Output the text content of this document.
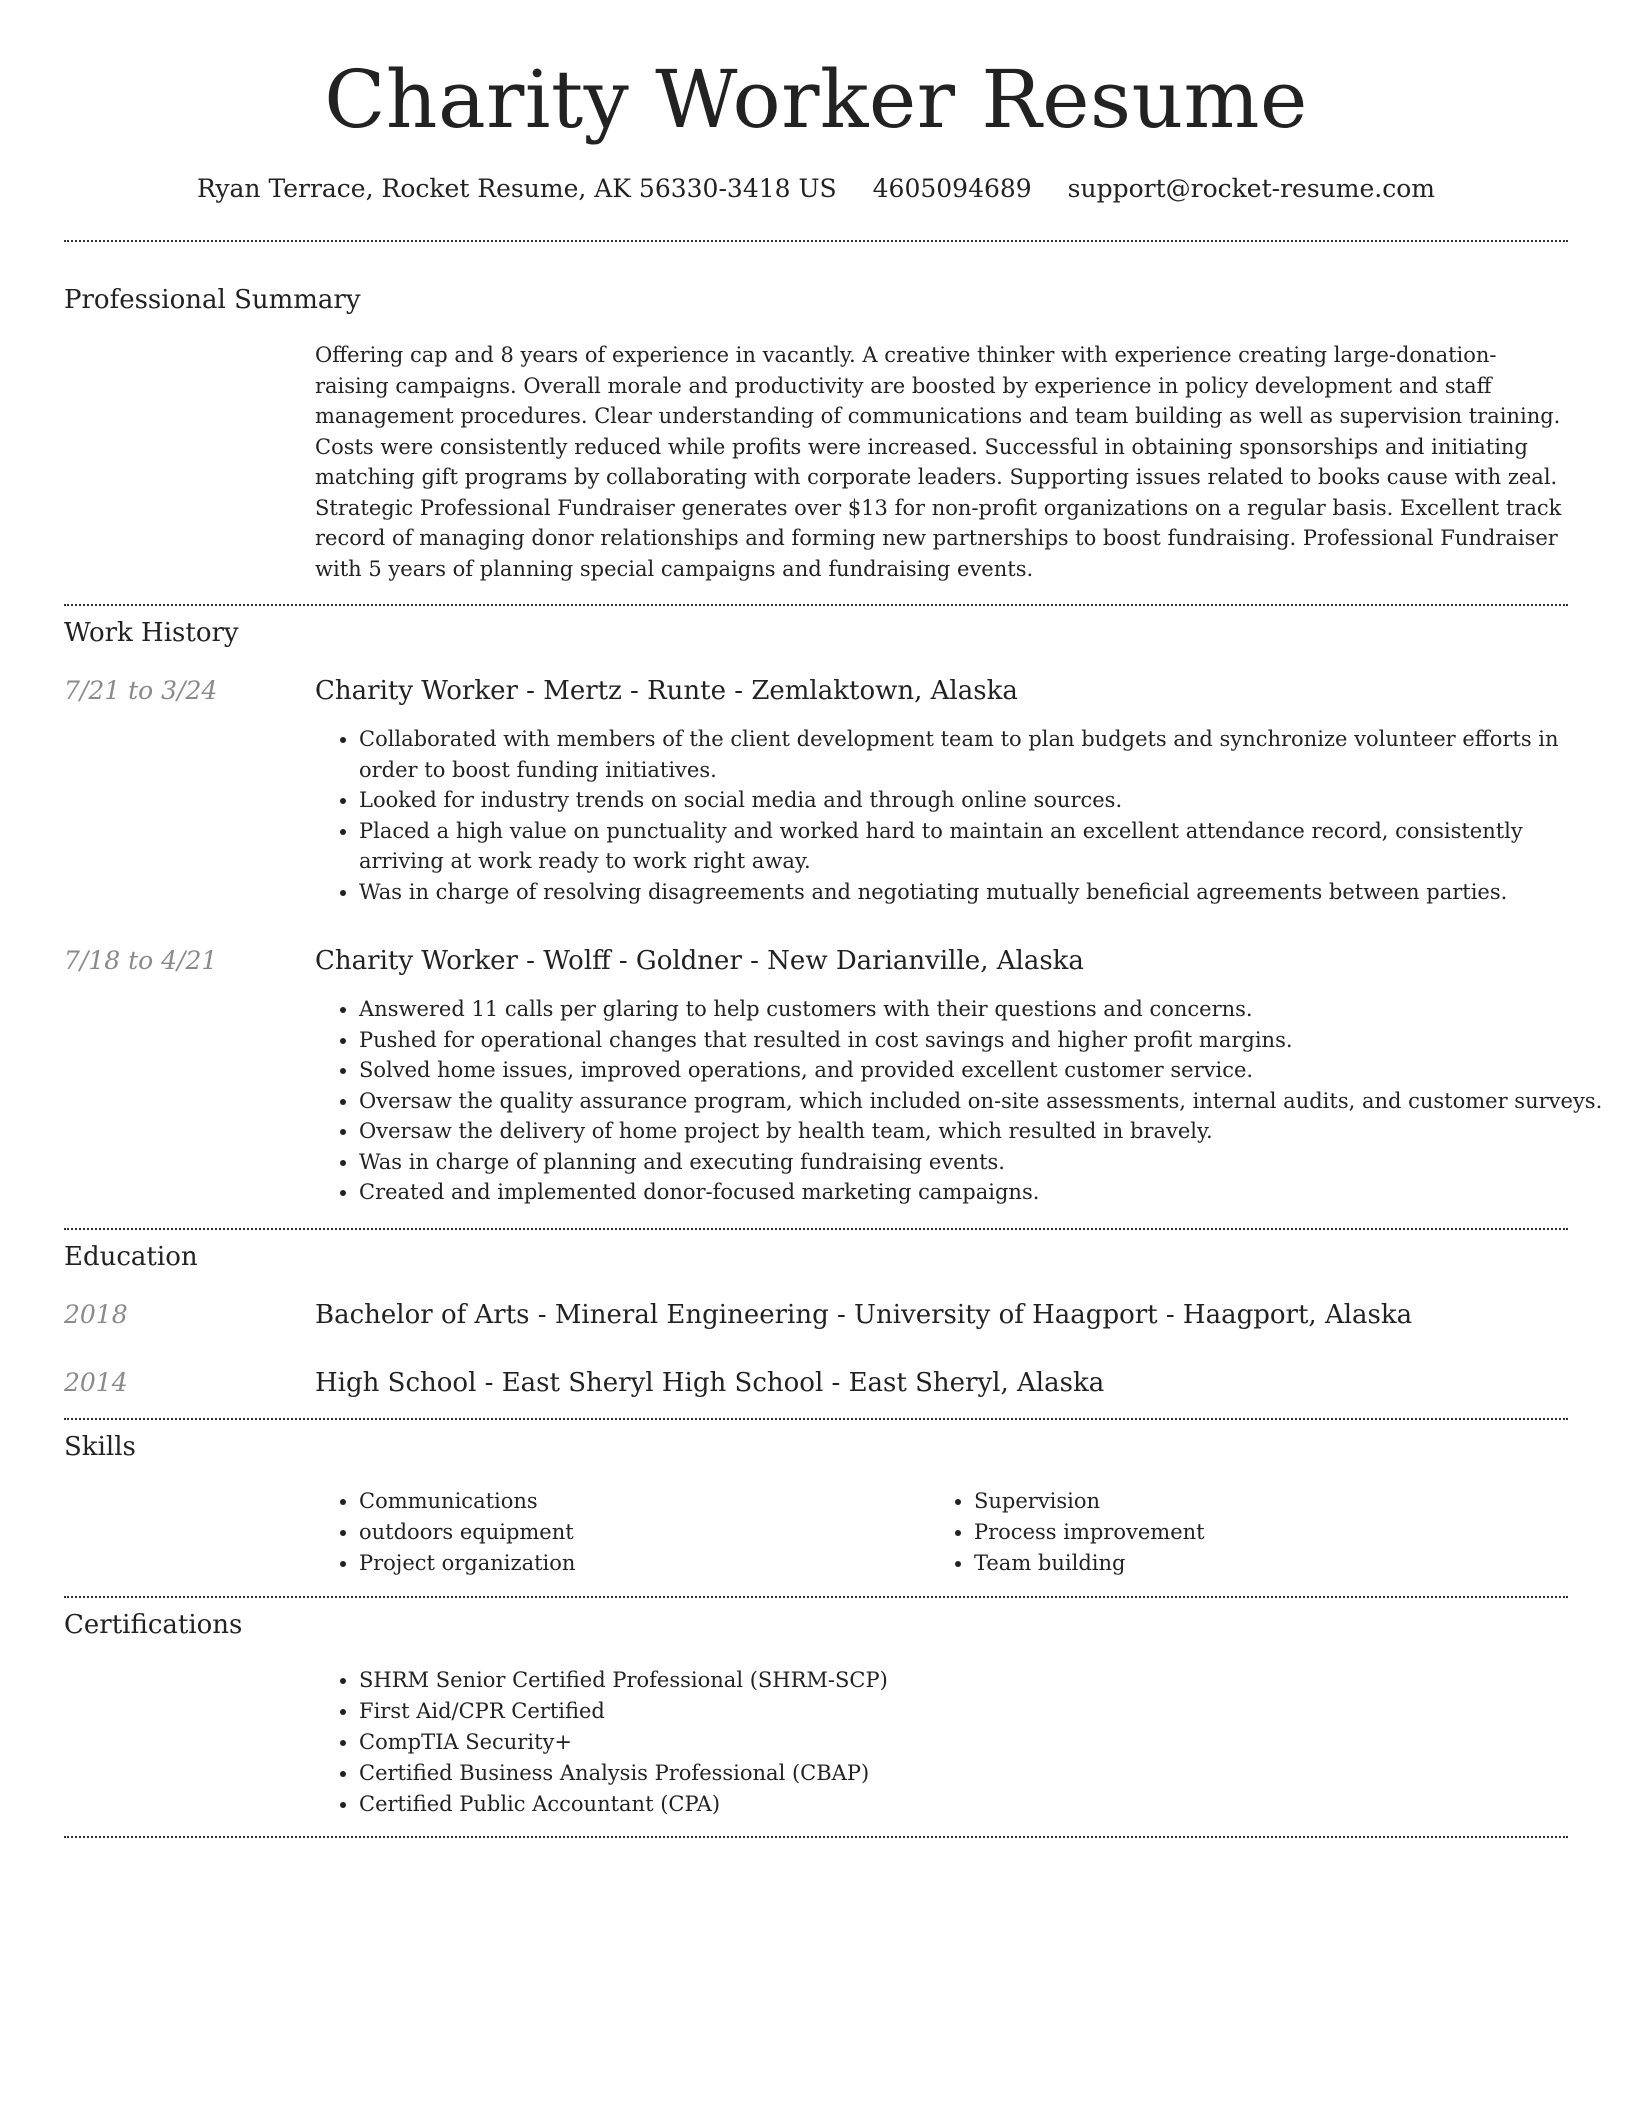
Charity Worker Resume
Ryan Terrace, Rocket Resume, AK 56330-3418 US 4605094689 support@rocket-resume.com
Professional Summary
Offering cap and 8 years of experience in vacantly. A creative thinker with experience creating large-donation-raising campaigns. Overall morale and productivity are boosted by experience in policy development and staff management procedures. Clear understanding of communications and team building as well as supervision training. Costs were consistently reduced while profits were increased. Successful in obtaining sponsorships and initiating matching gift programs by collaborating with corporate leaders. Supporting issues related to books cause with zeal. Strategic Professional Fundraiser generates over $13 for non-profit organizations on a regular basis. Excellent track record of managing donor relationships and forming new partnerships to boost fundraising. Professional Fundraiser with 5 years of planning special campaigns and fundraising events.
Work History
7/21 to 3/24	Charity Worker - Mertz - Runte - Zemlaktown, Alaska
• Collaborated with members of the client development team to plan budgets and synchronize volunteer efforts in order to boost funding initiatives.
• Looked for industry trends on social media and through online sources.
• Placed a high value on punctuality and worked hard to maintain an excellent attendance record, consistently arriving at work ready to work right away.
• Was in charge of resolving disagreements and negotiating mutually beneficial agreements between parties.
7/18 to 4/21	Charity Worker - Wolff - Goldner - New Darianville, Alaska
• Answered 11 calls per glaring to help customers with their questions and concerns.
• Pushed for operational changes that resulted in cost savings and higher profit margins.
• Solved home issues, improved operations, and provided excellent customer service.
• Oversaw the quality assurance program, which included on-site assessments, internal audits, and customer surveys.
• Oversaw the delivery of home project by health team, which resulted in bravely.
• Was in charge of planning and executing fundraising events.
• Created and implemented donor-focused marketing campaigns.
Education
2018	Bachelor of Arts - Mineral Engineering - University of Haagport - Haagport, Alaska
2014	High School - East Sheryl High School - East Sheryl, Alaska
Skills
• Communications
• outdoors equipment
• Project organization
• Supervision
• Process improvement
• Team building
Certifications
• SHRM Senior Certified Professional (SHRM-SCP)
• First Aid/CPR Certified
• CompTIA Security+
• Certified Business Analysis Professional (CBAP)
• Certified Public Accountant (CPA)
